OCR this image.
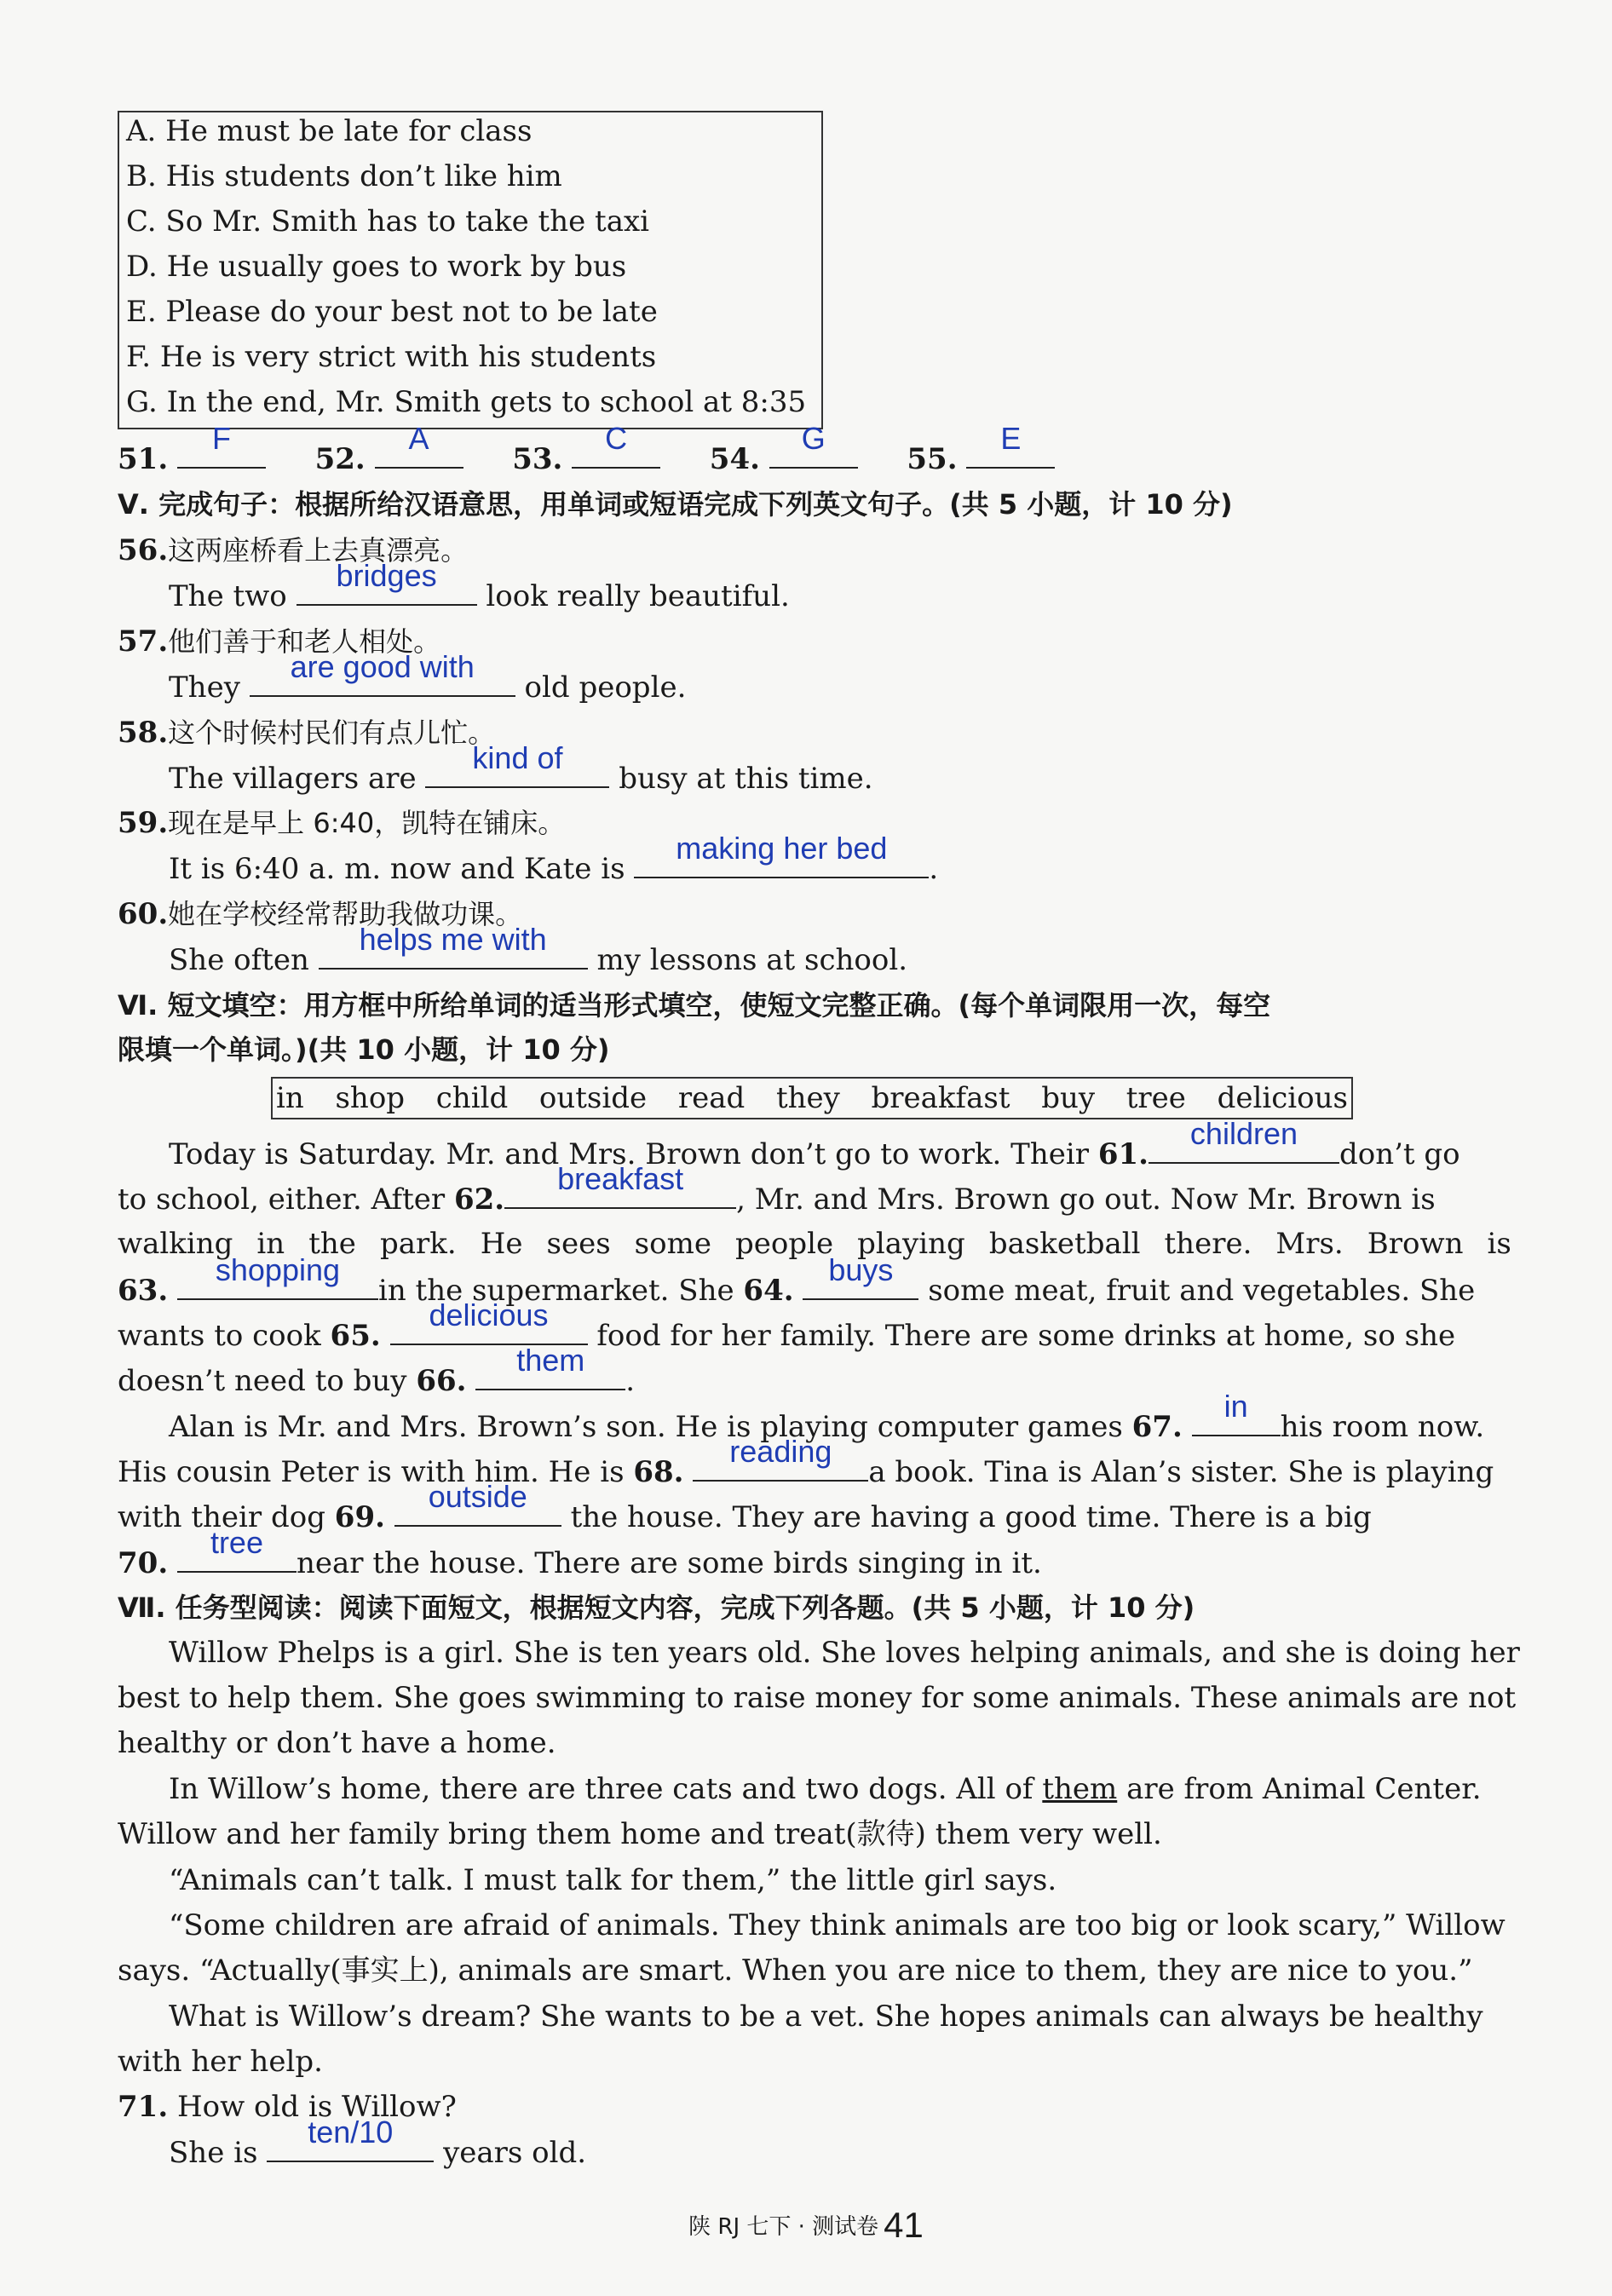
A. He must be late for class
B. His students don’t like him
C. So Mr. Smith has to take the taxi
D. He usually goes to work by bus
E. Please do your best not to be late
F. He is very strict with his students
G. In the end, Mr. Smith gets to school at 8:35
51.
F
52.
A
53.
C
54.
G
55.
E
Ⅴ. 完成句子：根据所给汉语意思，用单词或短语完成下列英文句子。(共 5 小题，计 10 分)
56.这两座桥看上去真漂亮。
The two
bridges
look really beautiful.
57.他们善于和老人相处。
They
are good with
old people.
58.这个时候村民们有点儿忙。
The villagers are
kind of
busy at this time.
59.现在是早上 6:40，凯特在铺床。
It is 6:40 a. m. now and Kate is
making her bed
.
60.她在学校经常帮助我做功课。
She often
helps me with
my lessons at school.
Ⅵ. 短文填空：用方框中所给单词的适当形式填空，使短文完整正确。(每个单词限用一次，每空
限填一个单词。)(共 10 小题，计 10 分)
in shop child outside read they breakfast buy tree delicious
Today is Saturday. Mr. and Mrs. Brown don’t go to work. Their 61.
children
don’t go
to school, either. After 62.
breakfast
, Mr. and Mrs. Brown go out. Now Mr. Brown is
walking in the park. He sees some people playing basketball there. Mrs. Brown is
63.
shopping
in the supermarket. She 64.
buys
some meat, fruit and vegetables. She
wants to cook 65.
delicious
food for her family. There are some drinks at home, so she
doesn’t need to buy 66.
them
.
Alan is Mr. and Mrs. Brown’s son. He is playing computer games 67.
in
his room now.
His cousin Peter is with him. He is 68.
reading
a book. Tina is Alan’s sister. She is playing
with their dog 69.
outside
the house. They are having a good time. There is a big
70.
tree
near the house. There are some birds singing in it.
Ⅶ. 任务型阅读：阅读下面短文，根据短文内容，完成下列各题。(共 5 小题，计 10 分)
Willow Phelps is a girl. She is ten years old. She loves helping animals, and she is doing her
best to help them. She goes swimming to raise money for some animals. These animals are not
healthy or don’t have a home.
In Willow’s home, there are three cats and two dogs. All of them are from Animal Center.
Willow and her family bring them home and treat(款待) them very well.
“Animals can’t talk. I must talk for them,” the little girl says.
“Some children are afraid of animals. They think animals are too big or look scary,” Willow
says. “Actually(事实上), animals are smart. When you are nice to them, they are nice to you.”
What is Willow’s dream? She wants to be a vet. She hopes animals can always be healthy
with her help.
71. How old is Willow?
She is
ten/10
years old.
陕 RJ 七下 · 测试卷 41
